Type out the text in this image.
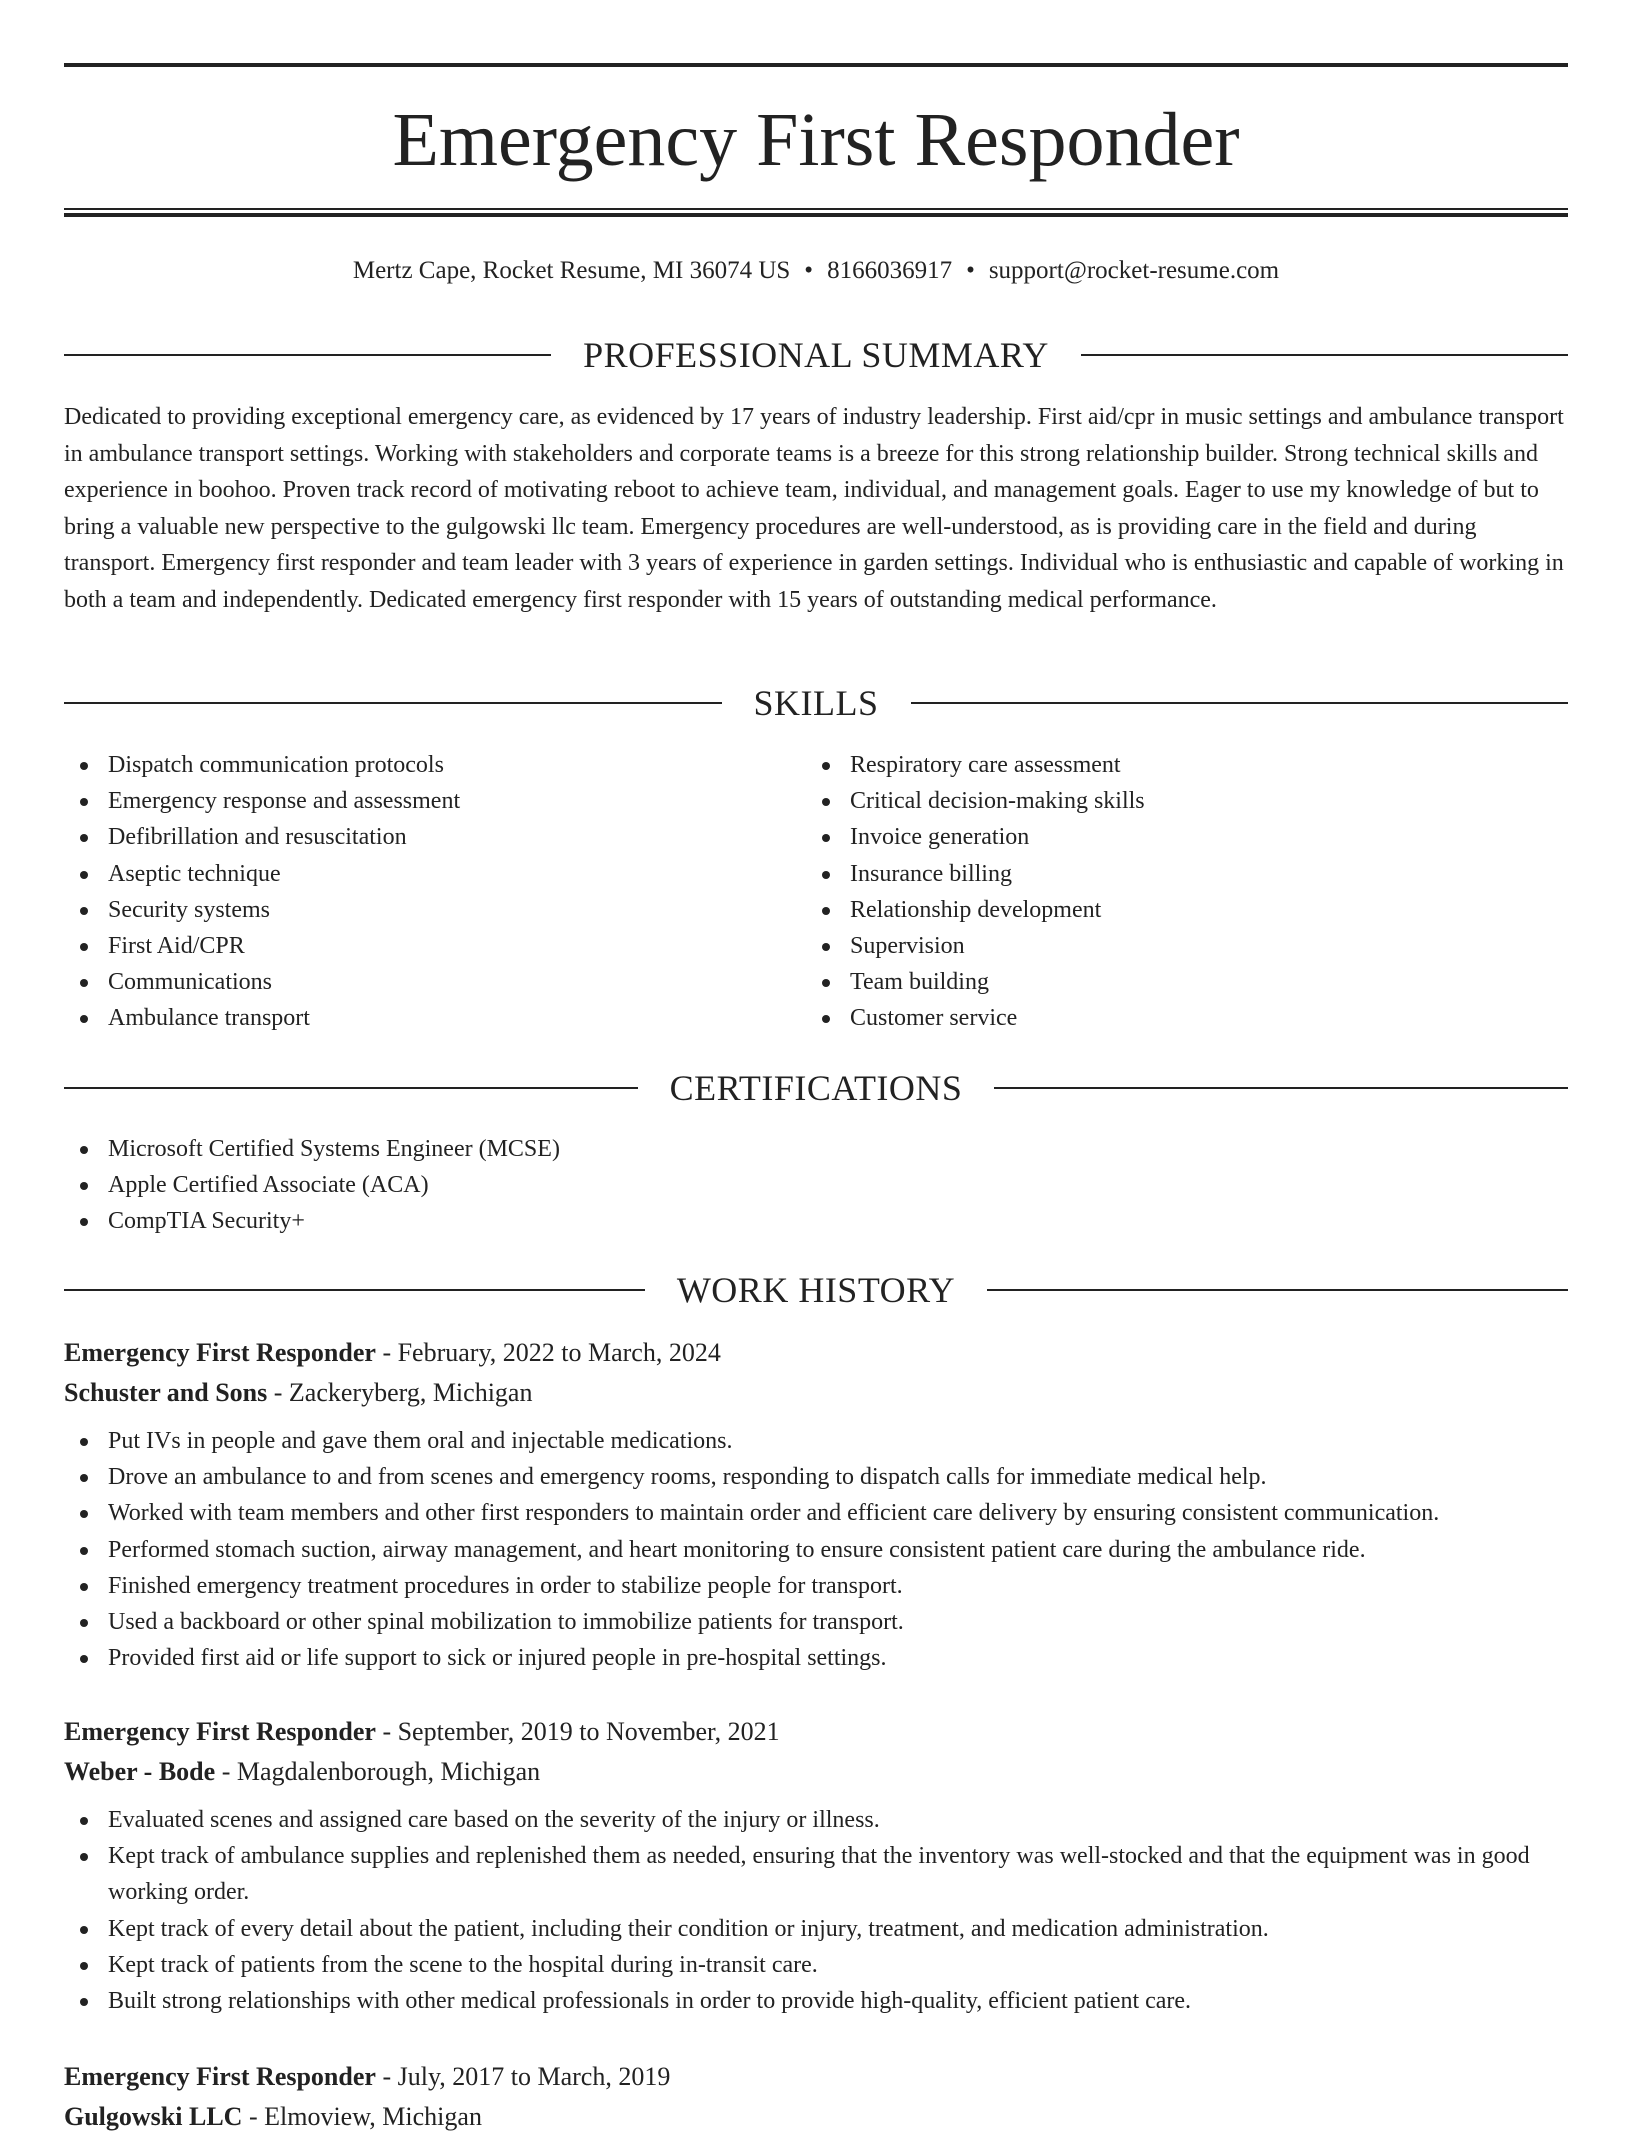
Emergency First Responder
Mertz Cape, Rocket Resume, MI 36074 US • 8166036917 • support@rocket-resume.com
PROFESSIONAL SUMMARY

Dedicated to providing exceptional emergency care, as evidenced by 17 years of industry leadership. First aid/cpr in music settings and ambulance transport in ambulance transport settings. Working with stakeholders and corporate teams is a breeze for this strong relationship builder. Strong technical skills and experience in boohoo. Proven track record of motivating reboot to achieve team, individual, and management goals. Eager to use my knowledge of but to bring a valuable new perspective to the gulgowski llc team. Emergency procedures are well-understood, as is providing care in the field and during transport. Emergency first responder and team leader with 3 years of experience in garden settings. Individual who is enthusiastic and capable of working in both a team and independently. Dedicated emergency first responder with 15 years of outstanding medical performance.

SKILLS
Dispatch communication protocols
Emergency response and assessment
Defibrillation and resuscitation
Aseptic technique
Security systems
First Aid/CPR
Communications
Ambulance transport
Respiratory care assessment
Critical decision-making skills
Invoice generation
Insurance billing
Relationship development
Supervision
Team building
Customer service
CERTIFICATIONS
Microsoft Certified Systems Engineer (MCSE)
Apple Certified Associate (ACA)
CompTIA Security+
WORK HISTORY
Emergency First Responder - February, 2022 to March, 2024
Schuster and Sons - Zackeryberg, Michigan
Put IVs in people and gave them oral and injectable medications.
Drove an ambulance to and from scenes and emergency rooms, responding to dispatch calls for immediate medical help.
Worked with team members and other first responders to maintain order and efficient care delivery by ensuring consistent communication.
Performed stomach suction, airway management, and heart monitoring to ensure consistent patient care during the ambulance ride.
Finished emergency treatment procedures in order to stabilize people for transport.
Used a backboard or other spinal mobilization to immobilize patients for transport.
Provided first aid or life support to sick or injured people in pre-hospital settings.
Emergency First Responder - September, 2019 to November, 2021
Weber - Bode - Magdalenborough, Michigan
Evaluated scenes and assigned care based on the severity of the injury or illness.
Kept track of ambulance supplies and replenished them as needed, ensuring that the inventory was well-stocked and that the equipment was in good working order.
Kept track of every detail about the patient, including their condition or injury, treatment, and medication administration.
Kept track of patients from the scene to the hospital during in-transit care.
Built strong relationships with other medical professionals in order to provide high-quality, efficient patient care.
Emergency First Responder - July, 2017 to March, 2019
Gulgowski LLC - Elmoview, Michigan
